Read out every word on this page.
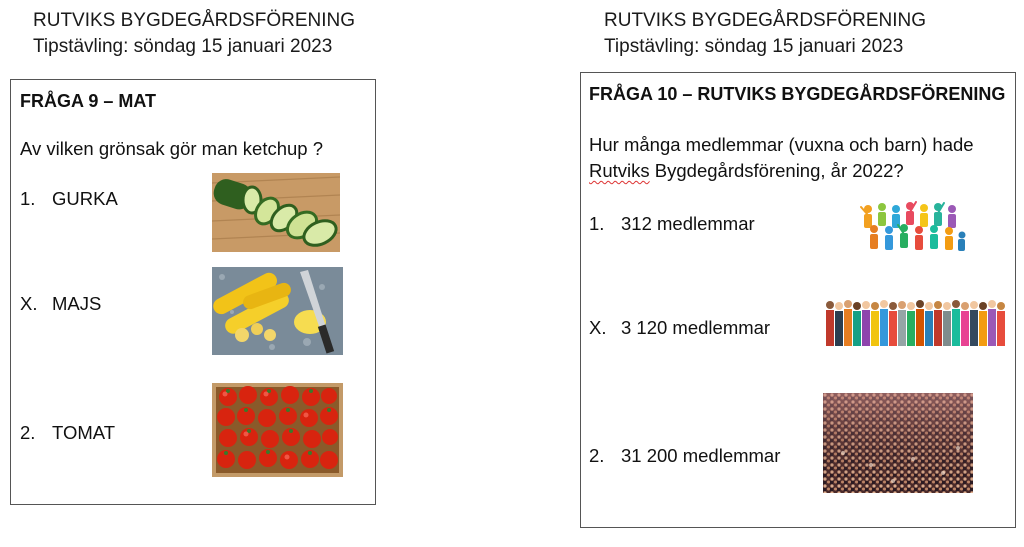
RUTVIKS BYGDEGÅRDSFÖRENING
Tipstävling: söndag 15 januari 2023
FRÅGA 9 – MAT
Av vilken grönsak gör man ketchup ?
1. GURKA
X. MAJS
2. TOMAT
RUTVIKS BYGDEGÅRDSFÖRENING
Tipstävling: söndag 15 januari 2023
FRÅGA 10 – RUTVIKS BYGDEGÅRDSFÖRENING
Hur många medlemmar (vuxna och barn) hade
Rutviks Bygdegårdsförening, år 2022?
1. 312 medlemmar
X. 3 120 medlemmar
2. 31 200 medlemmar
